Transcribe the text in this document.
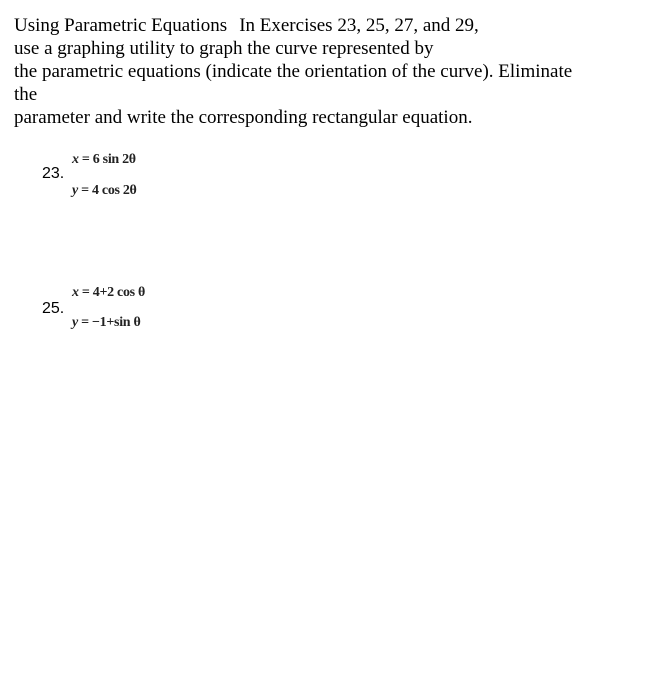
Using Parametric Equations In Exercises 23, 25, 27, and 29,
use a graphing utility to graph the curve represented by
the parametric equations (indicate the orientation of the curve). Eliminate
the
parameter and write the corresponding rectangular equation.
23.
x = 6 sin 2θ
y = 4 cos 2θ
25.
x = 4+2 cos θ
y = −1+sin θ
